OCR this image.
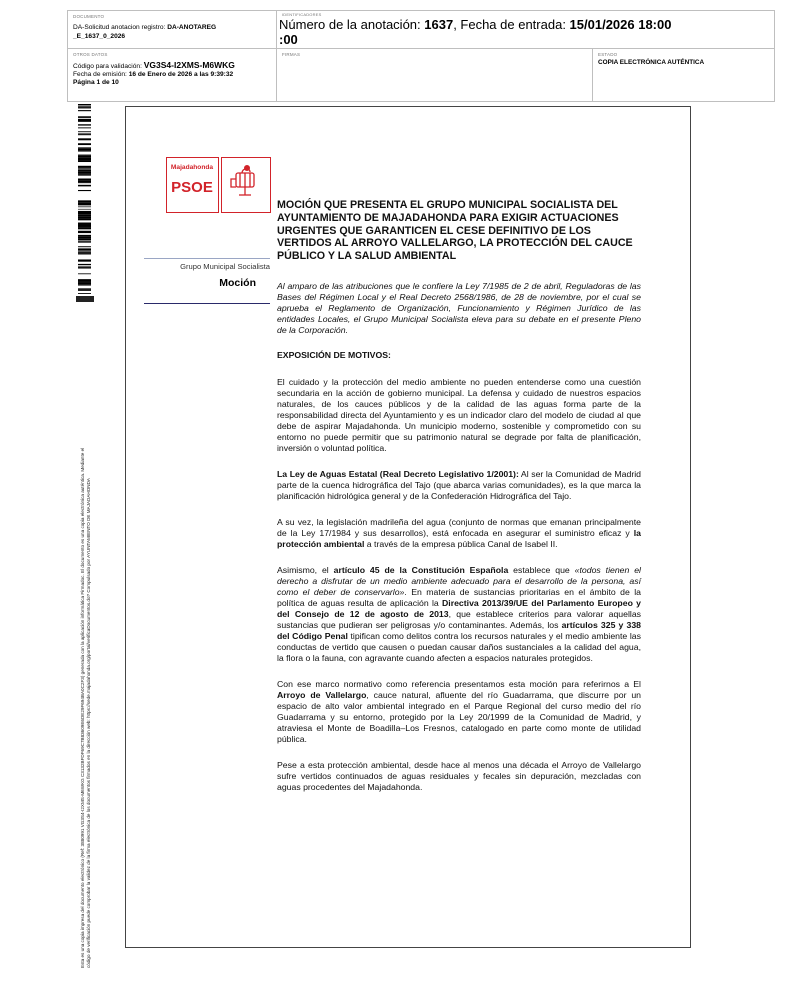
DOCUMENTO
DA-Solicitud anotacion registro: DA-ANOTAREG
_E_1637_0_2026
IDENTIFICADORES
Número de la anotación: 1637, Fecha de entrada: 15/01/2026 18:00
:00
OTROS DATOS
Código para validación: VG3S4-I2XMS-M6WKG
Fecha de emisión: 16 de Enero de 2026 a las 9:39:32
Página 1 de 10
FIRMAS	ESTADO
COPIA ELECTRÓNICA AUTÉNTICA
Esta es una copia impresa del documento electrónico (Ref: 3880991 VG3S4-I2XMS-M6WKG C3132BFDF69C7B83609E6DE29F694BA0C2F3) generada con la aplicación informática Firmadoc. El documento es una copia electrónica auténtica. Mediante el código de verificación puede comprobar la validez de la firma electrónica de los documentos firmados en la dirección web: https://sede.majadahonda.org/portal/verificaDocumentos.do? Compulsado por AYUNTAMIENTO DE MAJADAHONDA
Majadahonda
PSOE
Grupo Municipal Socialista
Moción
MOCIÓN QUE PRESENTA EL GRUPO MUNICIPAL SOCIALISTA DEL AYUNTAMIENTO DE MAJADAHONDA PARA EXIGIR ACTUACIONES URGENTES QUE GARANTICEN EL CESE DEFINITIVO DE LOS VERTIDOS AL ARROYO VALLELARGO, LA PROTECCIÓN DEL CAUCE PÚBLICO Y LA SALUD AMBIENTAL
Al amparo de las atribuciones que le confiere la Ley 7/1985 de 2 de abril, Reguladoras de las Bases del Régimen Local y el Real Decreto 2568/1986, de 28 de noviembre, por el cual se aprueba el Reglamento de Organización, Funcionamiento y Régimen Jurídico de las entidades Locales, el Grupo Municipal Socialista eleva para su debate en el presente Pleno de la Corporación.
EXPOSICIÓN DE MOTIVOS:
El cuidado y la protección del medio ambiente no pueden entenderse como una cuestión secundaria en la acción de gobierno municipal. La defensa y cuidado de nuestros espacios naturales, de los cauces públicos y de la calidad de las aguas forma parte de la responsabilidad directa del Ayuntamiento y es un indicador claro del modelo de ciudad al que debe de aspirar Majadahonda. Un municipio moderno, sostenible y comprometido con su entorno no puede permitir que su patrimonio natural se degrade por falta de planificación, inversión o voluntad política.
La Ley de Aguas Estatal (Real Decreto Legislativo 1/2001): Al ser la Comunidad de Madrid parte de la cuenca hidrográfica del Tajo (que abarca varias comunidades), es la que marca la planificación hidrológica general y de la Confederación Hidrográfica del Tajo.
A su vez, la legislación madrileña del agua (conjunto de normas que emanan principalmente de la Ley 17/1984 y sus desarrollos), está enfocada en asegurar el suministro eficaz y la protección ambiental a través de la empresa pública Canal de Isabel II.
Asimismo, el artículo 45 de la Constitución Española establece que «todos tienen el derecho a disfrutar de un medio ambiente adecuado para el desarrollo de la persona, así como el deber de conservarlo». En materia de sustancias prioritarias en el ámbito de la política de aguas resulta de aplicación la Directiva 2013/39/UE del Parlamento Europeo y del Consejo de 12 de agosto de 2013, que establece criterios para valorar aquellas sustancias que pudieran ser peligrosas y/o contaminantes. Además, los artículos 325 y 338 del Código Penal tipifican como delitos contra los recursos naturales y el medio ambiente las conductas de vertido que causen o puedan causar daños sustanciales a la calidad del agua, la flora o la fauna, con agravante cuando afecten a espacios naturales protegidos.
Con ese marco normativo como referencia presentamos esta moción para referirnos a El Arroyo de Vallelargo, cauce natural, afluente del río Guadarrama, que discurre por un espacio de alto valor ambiental integrado en el Parque Regional del curso medio del río Guadarrama y su entorno, protegido por la Ley 20/1999 de la Comunidad de Madrid, y atraviesa el Monte de Boadilla–Los Fresnos, catalogado en parte como monte de utilidad pública.
Pese a esta protección ambiental, desde hace al menos una década el Arroyo de Vallelargo sufre vertidos continuados de aguas residuales y fecales sin depuración, mezcladas con aguas procedentes del Majadahonda.
